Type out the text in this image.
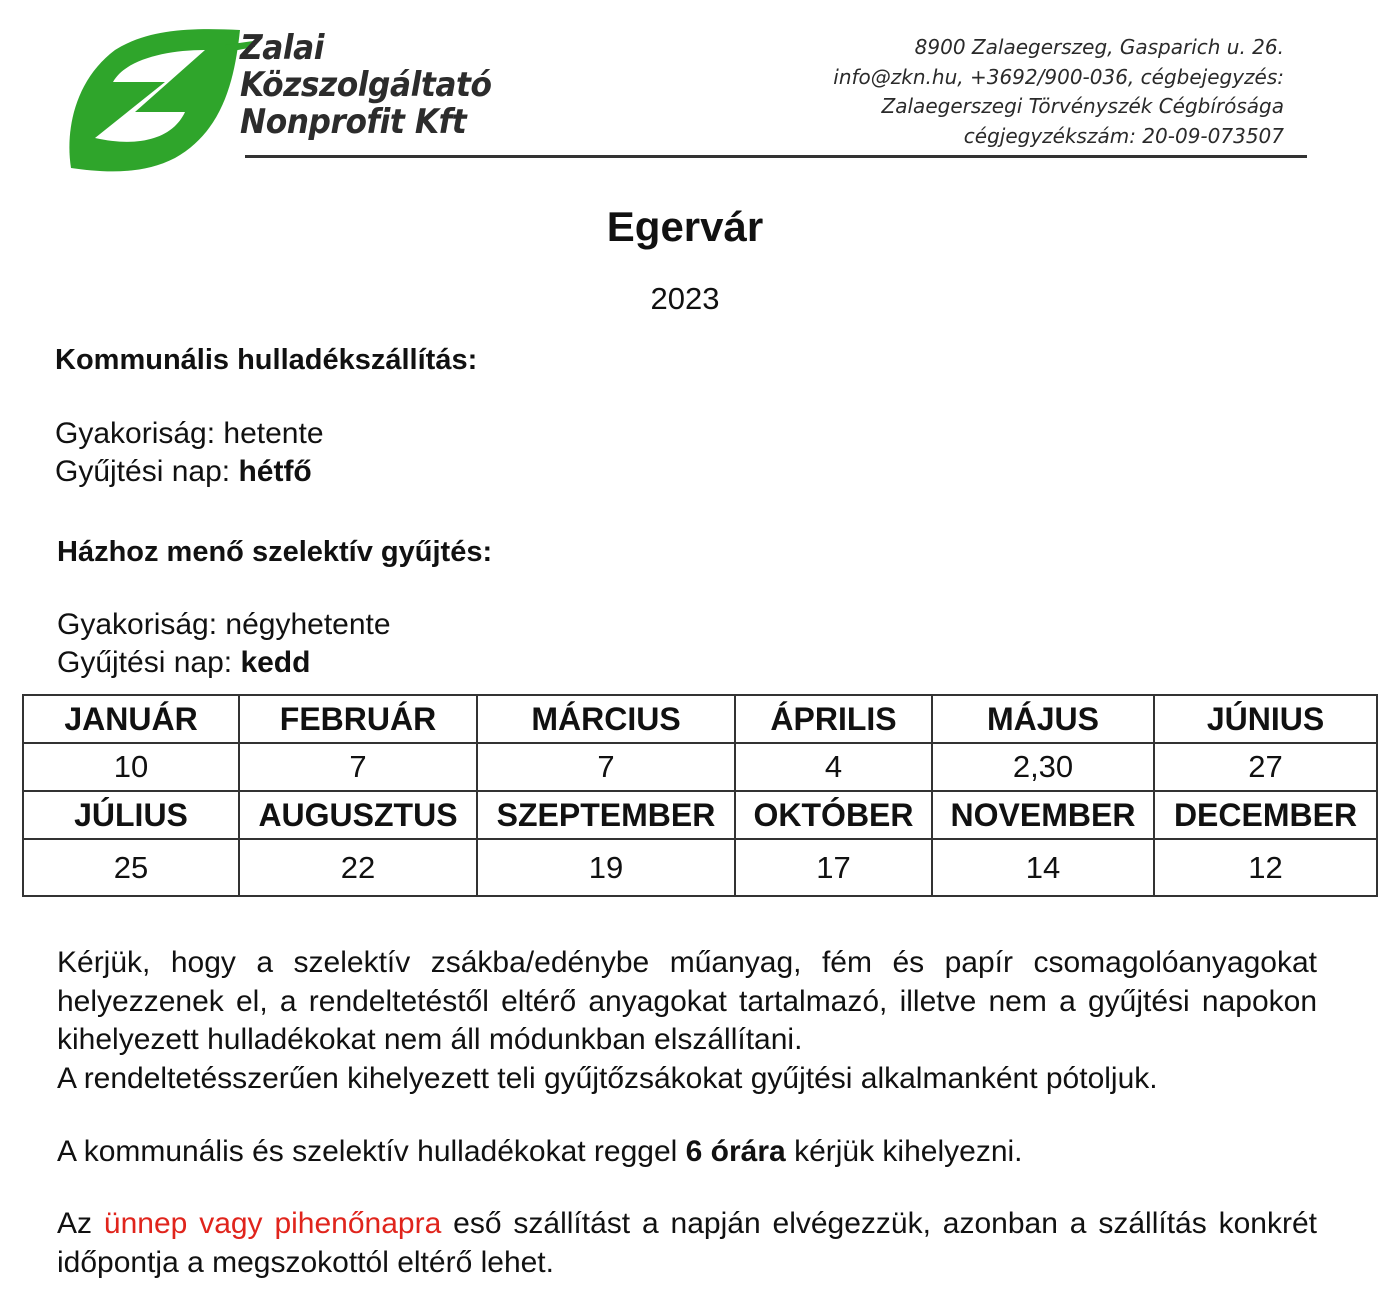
Zalai
Közszolgáltató
Nonprofit Kft
8900 Zalaegerszeg, Gasparich u. 26.
info@zkn.hu, +3692/900-036, cégbejegyzés:
Zalaegerszegi Törvényszék Cégbírósága
cégjegyzékszám: 20-09-073507
Egervár
2023
Kommunális hulladékszállítás:
Gyakoriság: hetente
Gyűjtési nap: hétfő
Házhoz menő szelektív gyűjtés:
Gyakoriság: négyhetente
Gyűjtési nap: kedd
JANUÁR	FEBRUÁR	MÁRCIUS	ÁPRILIS	MÁJUS	JÚNIUS
10	7	7	4	2,30	27
JÚLIUS	AUGUSZTUS	SZEPTEMBER	OKTÓBER	NOVEMBER	DECEMBER
25	22	19	17	14	12
Kérjük, hogy a szelektív zsákba/edénybe műanyag, fém és papír csomagolóanyagokat helyezzenek el, a rendeltetéstől eltérő anyagokat tartalmazó, illetve nem a gyűjtési napokon kihelyezett hulladékokat nem áll módunkban elszállítani.
A rendeltetésszerűen kihelyezett teli gyűjtőzsákokat gyűjtési alkalmanként pótoljuk.
A kommunális és szelektív hulladékokat reggel 6 órára kérjük kihelyezni.
Az ünnep vagy pihenőnapra eső szállítást a napján elvégezzük, azonban a szállítás konkrét időpontja a megszokottól eltérő lehet.
